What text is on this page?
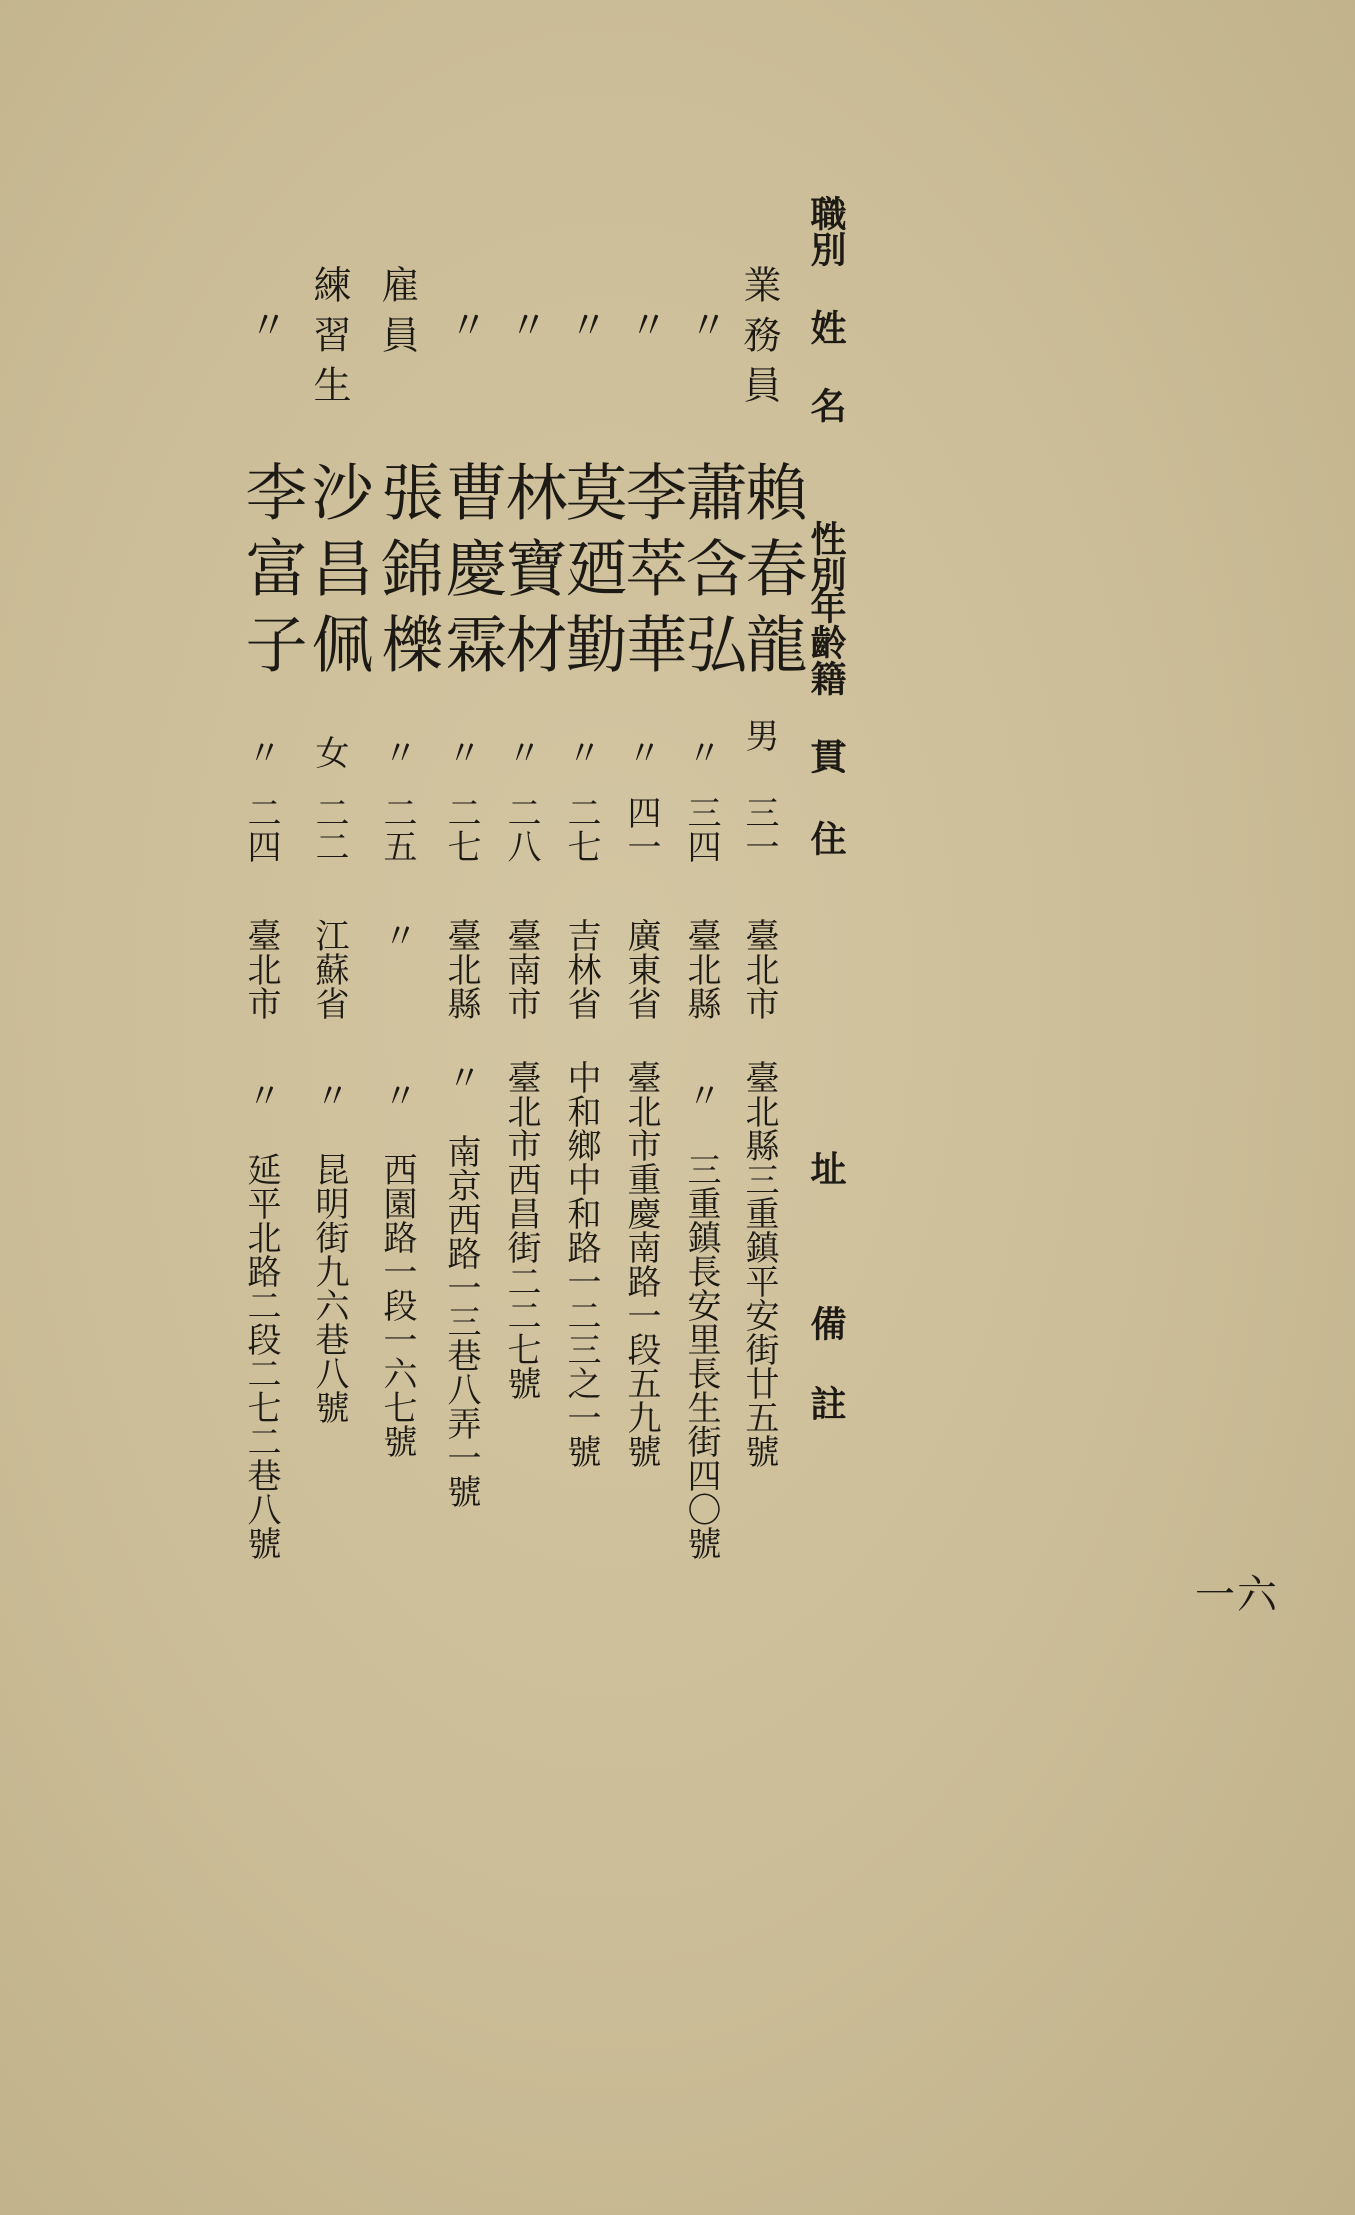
職別 姓 名
性別
年齡
籍 貫
住
址
備
註
一六
業務員
賴春龍
男
三一
臺北市
臺北縣三重鎮平安街廿五號
〃
蕭含弘
〃
三四
臺北縣
〃 三重鎮長安里長生街四〇號
〃
李萃華
〃
四一
廣東省
臺北市重慶南路一段五九號
〃
莫廼勤
〃
二七
吉林省
中和鄉中和路一二三之一號
〃
林寶材
〃
二八
臺南市
臺北市西昌街二二七號
〃
曹慶霖
〃
二七
臺北縣
〃 南京西路一三巷八弄一號
雇員
張錦櫟
〃
二五
〃
〃 西園路一段一六七號
練習生
沙昌佩
女
二二
江蘇省
〃 昆明街九六巷八號
〃
李富子
〃
二四
臺北市
〃 延平北路二段二七二巷八號
